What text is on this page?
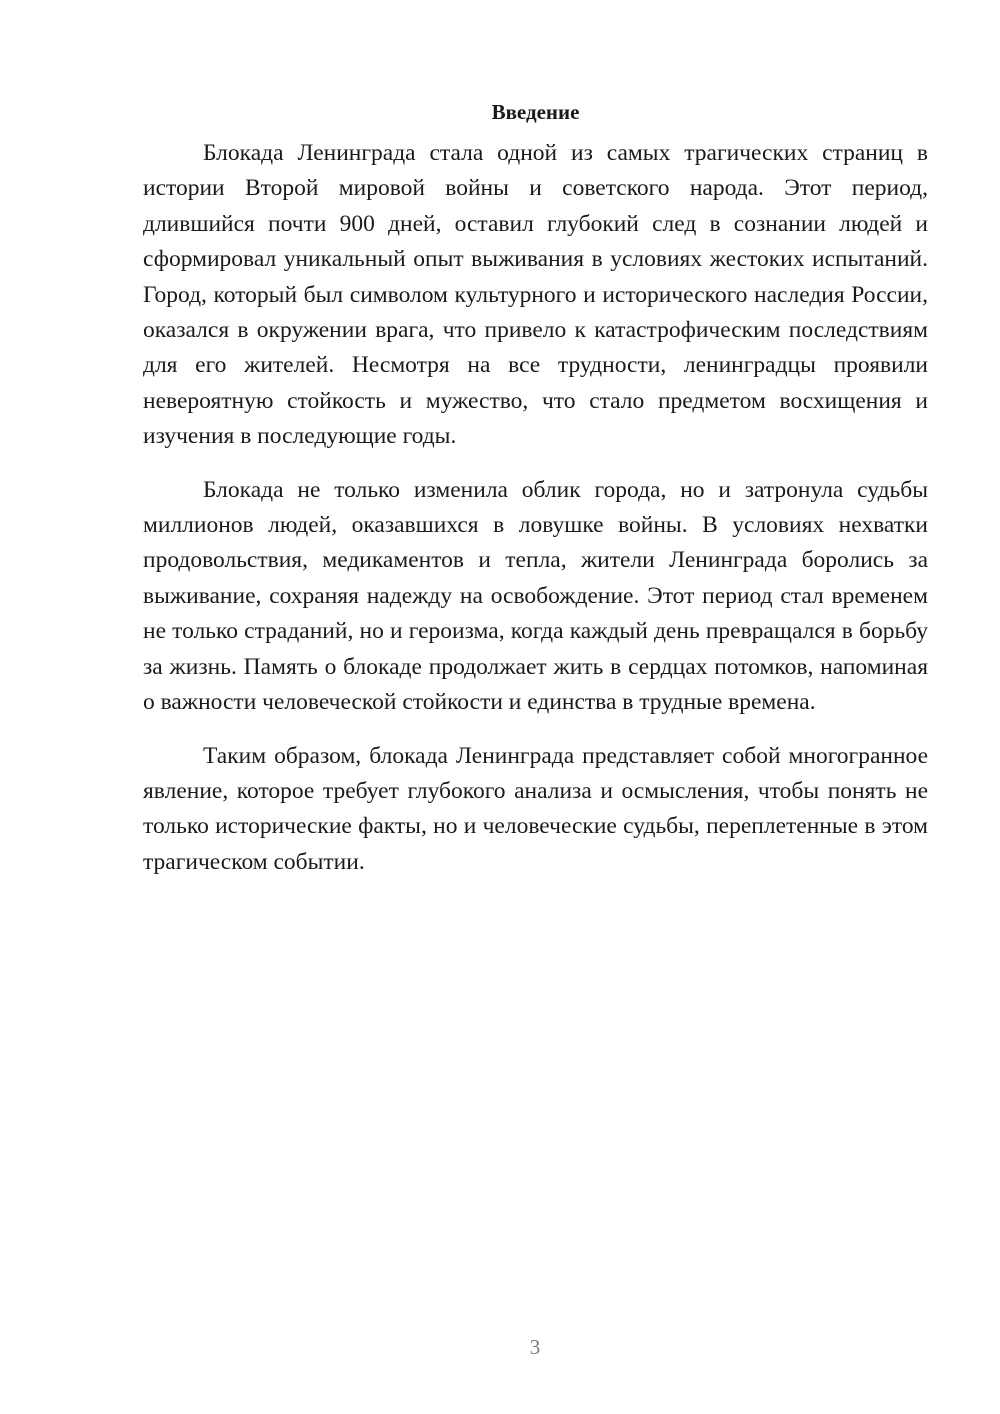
Введение

Блокада Ленинграда стала одной из самых трагических страниц в истории Второй мировой войны и советского народа. Этот период, длившийся почти 900 дней, оставил глубокий след в сознании людей и сформировал уникальный опыт выживания в условиях жестоких испытаний. Город, который был символом культурного и исторического наследия России, оказался в окружении врага, что привело к катастрофическим последствиям для его жителей. Несмотря на все трудности, ленинградцы проявили невероятную стойкость и мужество, что стало предметом восхищения и изучения в последующие годы.

Блокада не только изменила облик города, но и затронула судьбы миллионов людей, оказавшихся в ловушке войны. В условиях нехватки продовольствия, медикаментов и тепла, жители Ленинграда боролись за выживание, сохраняя надежду на освобождение. Этот период стал временем не только страданий, но и героизма, когда каждый день превращался в борьбу за жизнь. Память о блокаде продолжает жить в сердцах потомков, напоминая о важности человеческой стойкости и единства в трудные времена.

Таким образом, блокада Ленинграда представляет собой многогранное явление, которое требует глубокого анализа и осмысления, чтобы понять не только исторические факты, но и человеческие судьбы, переплетенные в этом трагическом событии.

3
